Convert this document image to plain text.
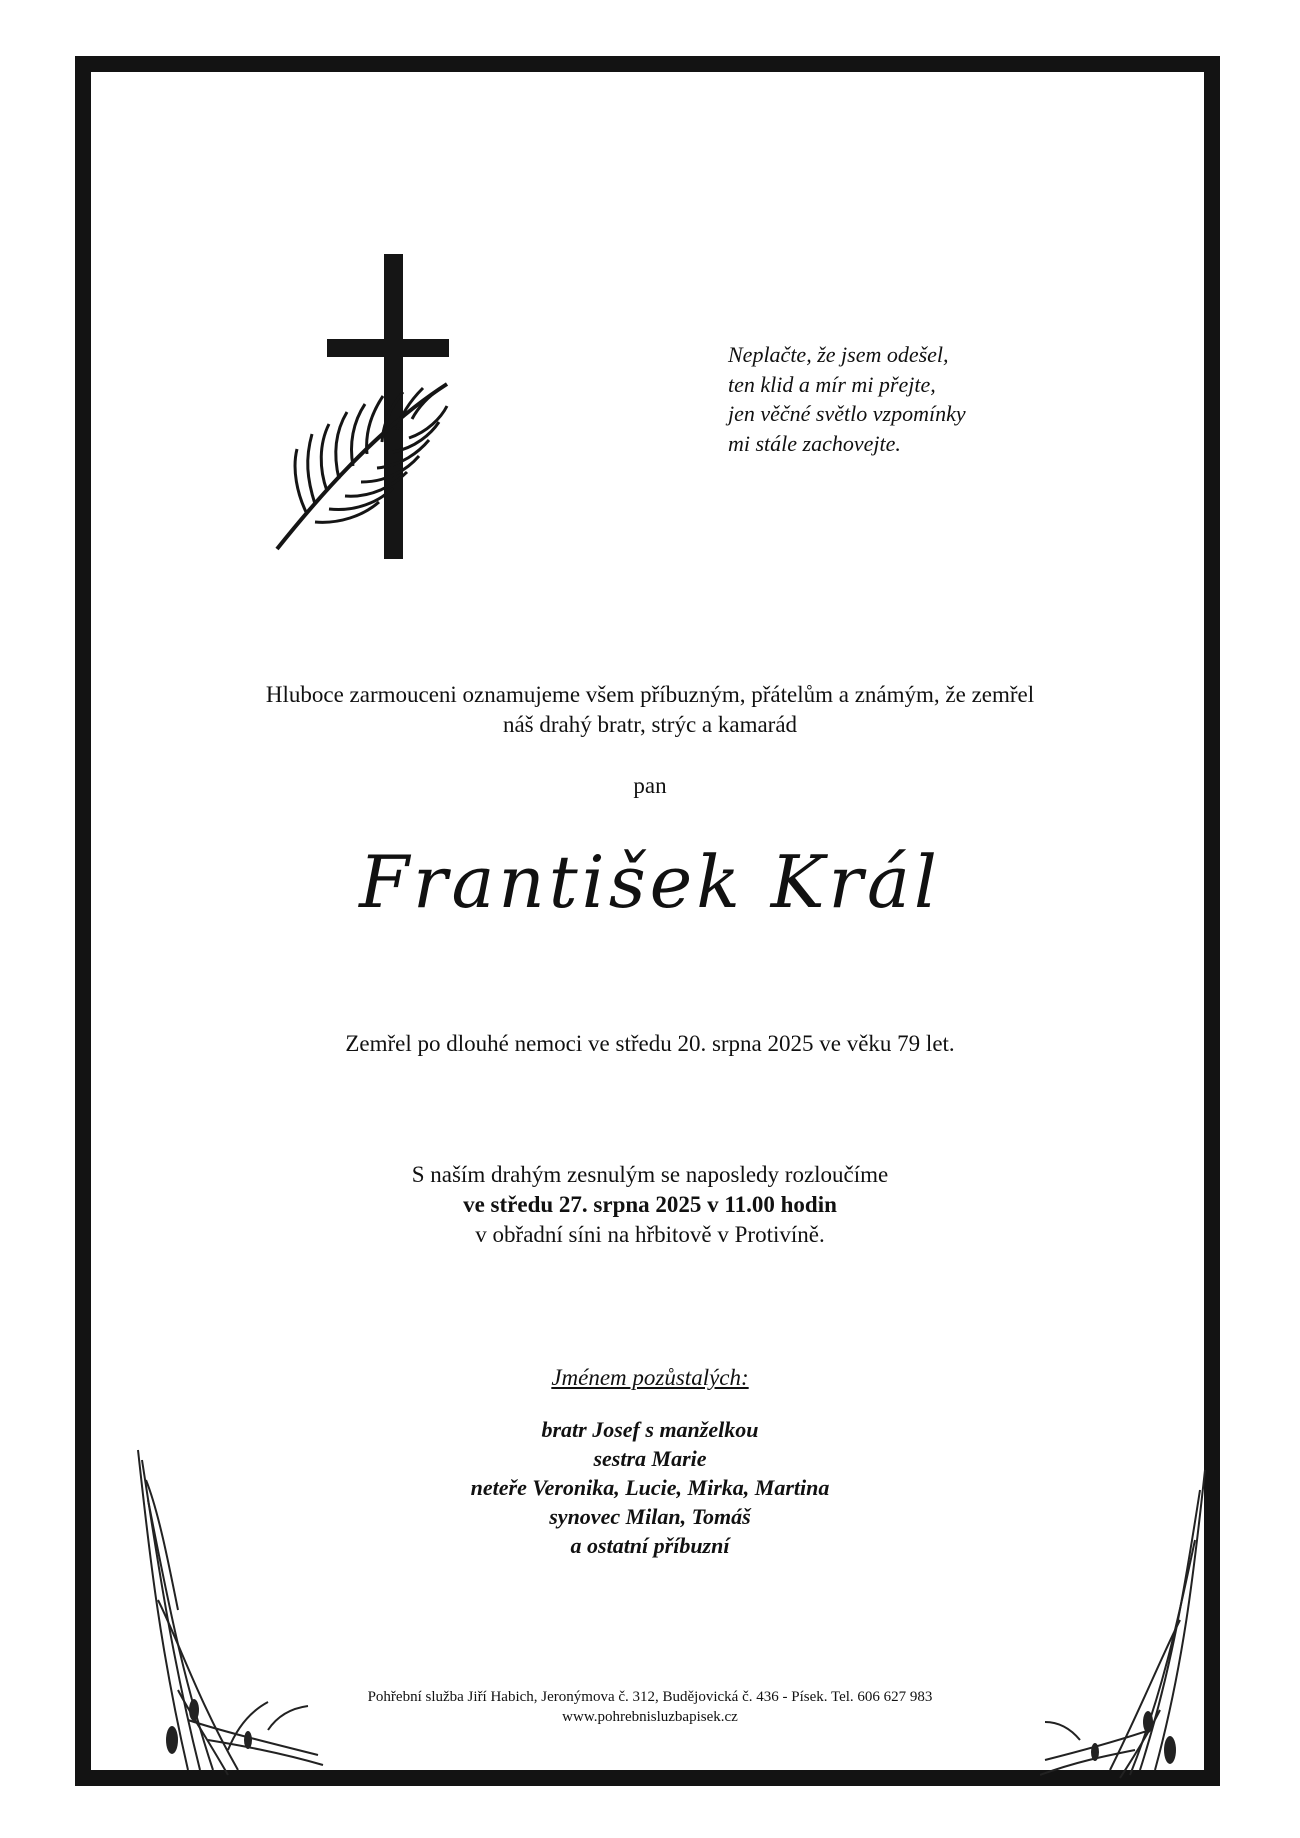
Neplačte, že jsem odešel,
ten klid a mír mi přejte,
jen věčné světlo vzpomínky
mi stále zachovejte.
Hluboce zarmouceni oznamujeme všem příbuzným, přátelům a známým, že zemřel
náš drahý bratr, strýc a kamarád
pan
František Král
Zemřel po dlouhé nemoci ve středu 20. srpna 2025 ve věku 79 let.
S naším drahým zesnulým se naposledy rozloučíme
ve středu 27. srpna 2025 v 11.00 hodin
v obřadní síni na hřbitově v Protivíně.
Jménem pozůstalých:
bratr Josef s manželkou
sestra Marie
neteře Veronika, Lucie, Mirka, Martina
synovec Milan, Tomáš
a ostatní příbuzní
Pohřební služba Jiří Habich, Jeronýmova č. 312, Budějovická č. 436 - Písek. Tel. 606 627 983
www.pohrebnisluzbapisek.cz
